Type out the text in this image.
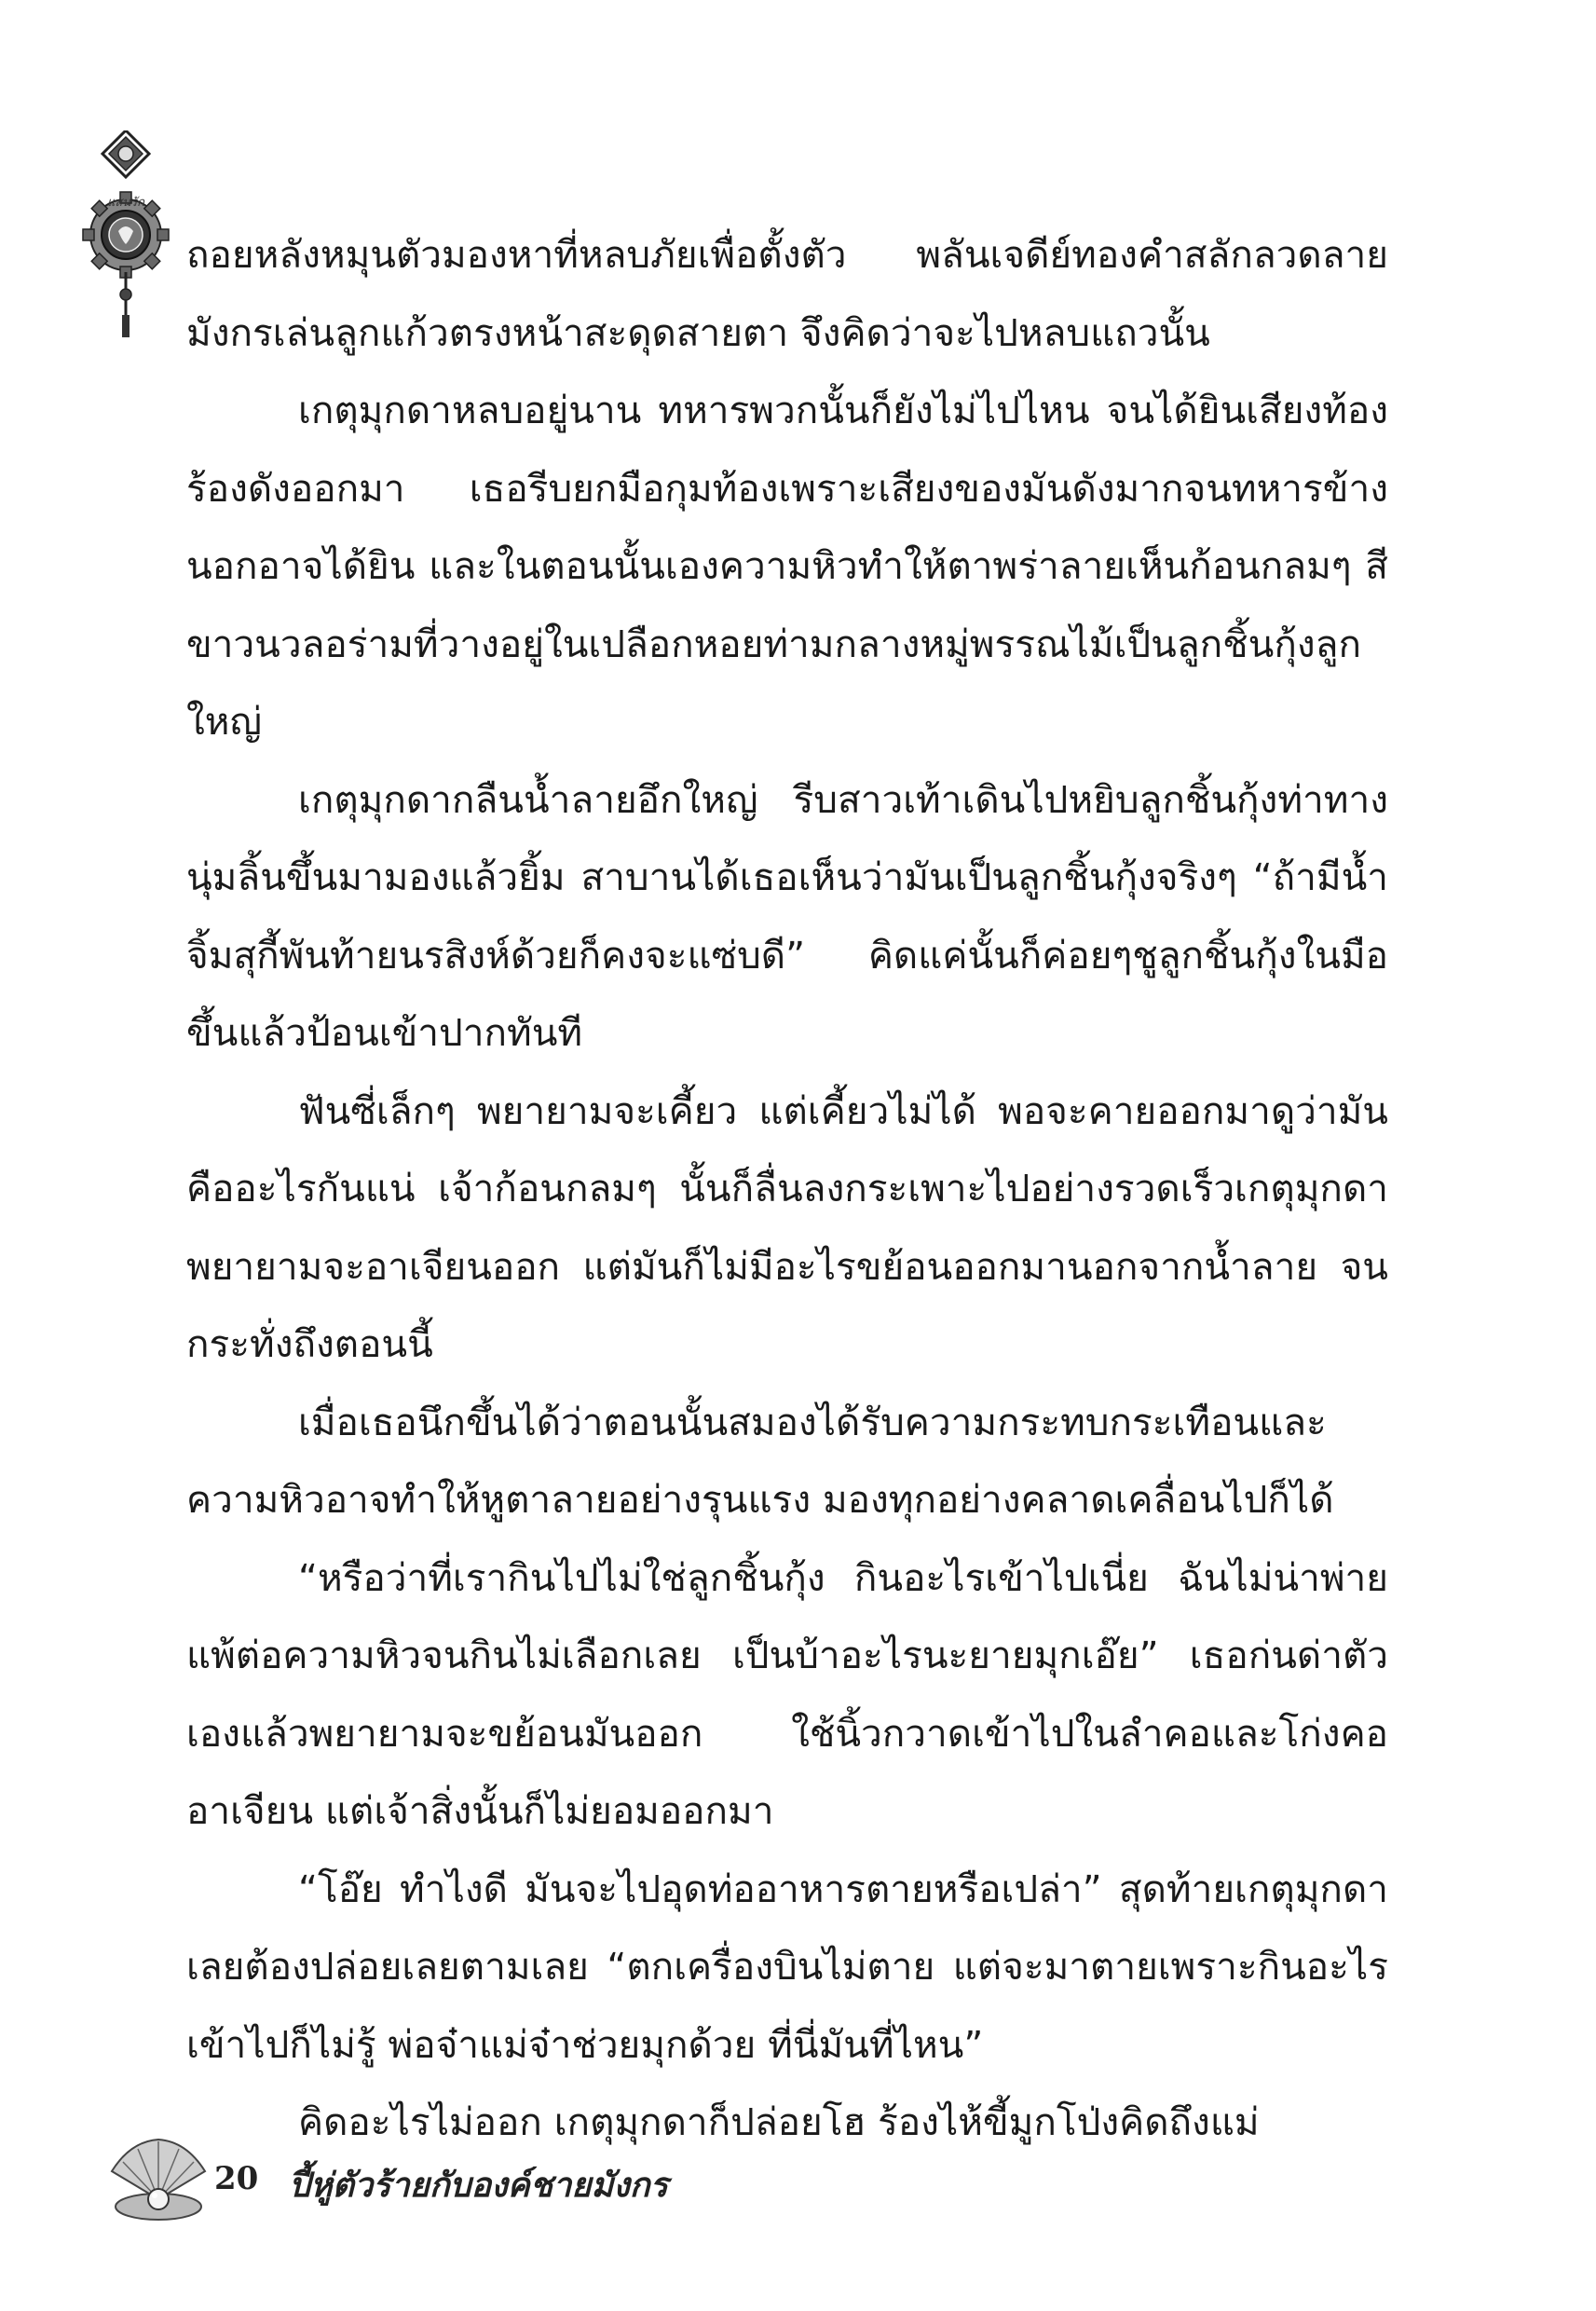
แสนรัก

ถอยหลังหมุนตัวมองหาที่หลบภัยเพื่อตั้งตัว พลันเจดีย์ทองคำสลักลวดลายมังกรเล่นลูกแก้วตรงหน้าสะดุดสายตา จึงคิดว่าจะไปหลบแถวนั้น

เกตุมุกดาหลบอยู่นาน ทหารพวกนั้นก็ยังไม่ไปไหน จนได้ยินเสียงท้องร้องดังออกมา เธอรีบยกมือกุมท้องเพราะเสียงของมันดังมากจนทหารข้างนอกอาจได้ยิน และในตอนนั้นเองความหิวทำให้ตาพร่าลายเห็นก้อนกลมๆ สีขาวนวลอร่ามที่วางอยู่ในเปลือกหอยท่ามกลางหมู่พรรณไม้เป็นลูกชิ้นกุ้งลูกใหญ่

เกตุมุกดากลืนน้ำลายอึกใหญ่ รีบสาวเท้าเดินไปหยิบลูกชิ้นกุ้งท่าทางนุ่มลิ้นขึ้นมามองแล้วยิ้ม สาบานได้เธอเห็นว่ามันเป็นลูกชิ้นกุ้งจริงๆ “ถ้ามีน้ำจิ้มสุกี้พันท้ายนรสิงห์ด้วยก็คงจะแซ่บดี” คิดแค่นั้นก็ค่อยๆชูลูกชิ้นกุ้งในมือขึ้นแล้วป้อนเข้าปากทันที

ฟันซี่เล็กๆ พยายามจะเคี้ยว แต่เคี้ยวไม่ได้ พอจะคายออกมาดูว่ามันคืออะไรกันแน่ เจ้าก้อนกลมๆ นั้นก็ลื่นลงกระเพาะไปอย่างรวดเร็วเกตุมุกดาพยายามจะอาเจียนออก แต่มันก็ไม่มีอะไรขย้อนออกมานอกจากน้ำลาย จนกระทั่งถึงตอนนี้

เมื่อเธอนึกขึ้นได้ว่าตอนนั้นสมองได้รับความกระทบกระเทือนและความหิวอาจทำให้หูตาลายอย่างรุนแรง มองทุกอย่างคลาดเคลื่อนไปก็ได้

“หรือว่าที่เรากินไปไม่ใช่ลูกชิ้นกุ้ง กินอะไรเข้าไปเนี่ย ฉันไม่น่าพ่ายแพ้ต่อความหิวจนกินไม่เลือกเลย เป็นบ้าอะไรนะยายมุกเอ๊ย” เธอก่นด่าตัวเองแล้วพยายามจะขย้อนมันออก ใช้นิ้วกวาดเข้าไปในลำคอและโก่งคออาเจียน แต่เจ้าสิ่งนั้นก็ไม่ยอมออกมา

“โอ๊ย ทำไงดี มันจะไปอุดท่ออาหารตายหรือเปล่า” สุดท้ายเกตุมุกดาเลยต้องปล่อยเลยตามเลย “ตกเครื่องบินไม่ตาย แต่จะมาตายเพราะกินอะไรเข้าไปก็ไม่รู้ พ่อจ๋าแม่จ๋าช่วยมุกด้วย ที่นี่มันที่ไหน”

คิดอะไรไม่ออก เกตุมุกดาก็ปล่อยโฮ ร้องไห้ขี้มูกโป่งคิดถึงแม่

20 ปี้หู่ตัวร้ายกับองค์ชายมังกร
